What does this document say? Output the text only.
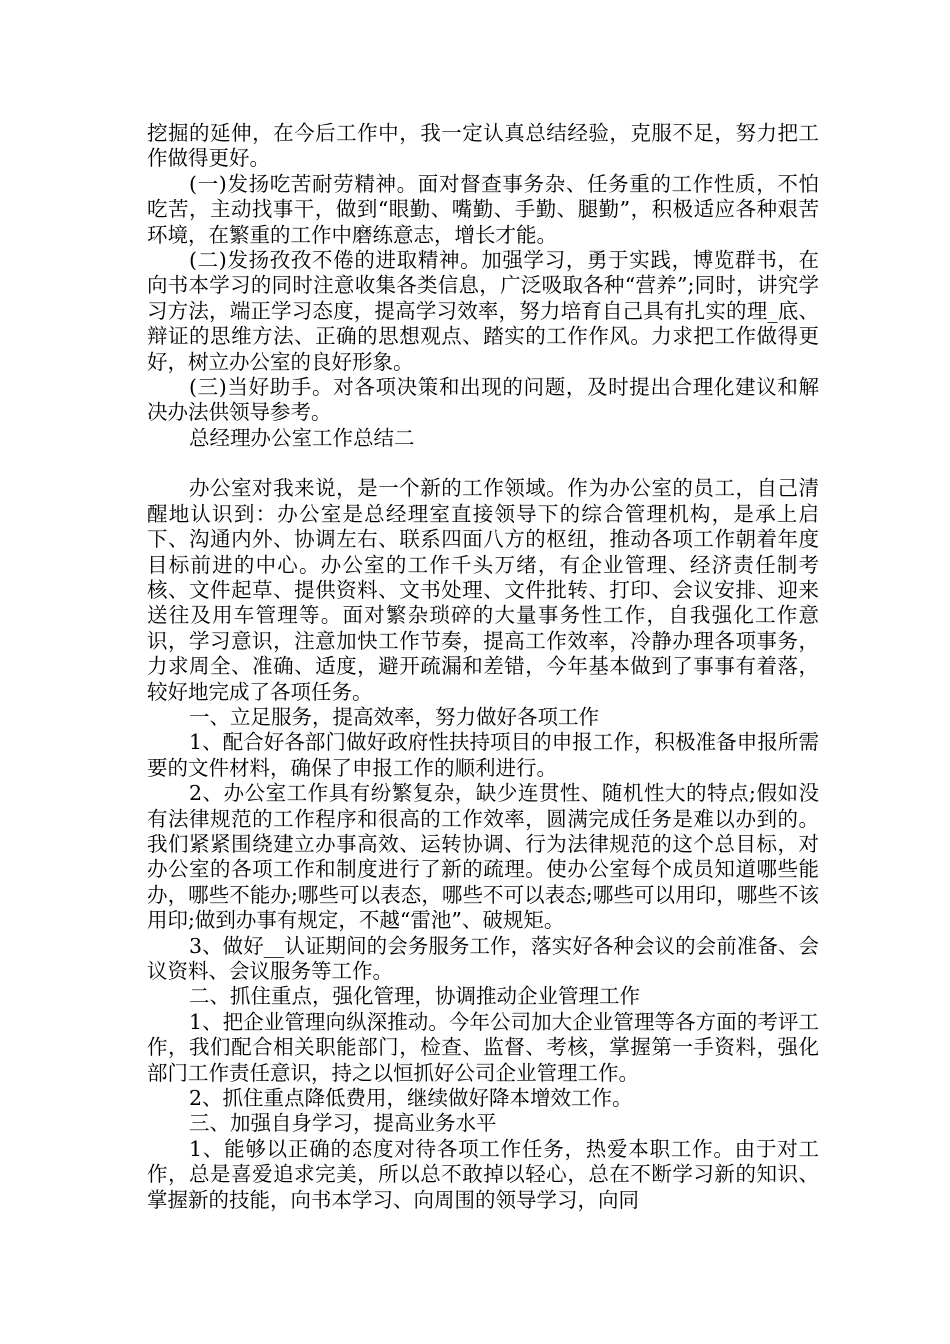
挖掘的延伸，在今后工作中，我一定认真总结经验，克服不足，努力把工作做得更好。

(一)发扬吃苦耐劳精神。面对督查事务杂、任务重的工作性质，不怕吃苦，主动找事干，做到“眼勤、嘴勤、手勤、腿勤”，积极适应各种艰苦环境，在繁重的工作中磨练意志，增长才能。

(二)发扬孜孜不倦的进取精神。加强学习，勇于实践，博览群书，在向书本学习的同时注意收集各类信息，广泛吸取各种“营养”;同时，讲究学习方法，端正学习态度，提高学习效率，努力培育自己具有扎实的理_底、辩证的思维方法、正确的思想观点、踏实的工作作风。力求把工作做得更好，树立办公室的良好形象。

(三)当好助手。对各项决策和出现的问题，及时提出合理化建议和解决办法供领导参考。

总经理办公室工作总结二

办公室对我来说，是一个新的工作领域。作为办公室的员工，自己清醒地认识到：办公室是总经理室直接领导下的综合管理机构，是承上启下、沟通内外、协调左右、联系四面八方的枢纽，推动各项工作朝着年度目标前进的中心。办公室的工作千头万绪，有企业管理、经济责任制考核、文件起草、提供资料、文书处理、文件批转、打印、会议安排、迎来送往及用车管理等。面对繁杂琐碎的大量事务性工作，自我强化工作意识，学习意识，注意加快工作节奏，提高工作效率，冷静办理各项事务，力求周全、准确、适度，避开疏漏和差错，今年基本做到了事事有着落，较好地完成了各项任务。

一、立足服务，提高效率，努力做好各项工作

1、配合好各部门做好政府性扶持项目的申报工作，积极准备申报所需要的文件材料，确保了申报工作的顺利进行。

2、办公室工作具有纷繁复杂，缺少连贯性、随机性大的特点;假如没有法律规范的工作程序和很高的工作效率，圆满完成任务是难以办到的。我们紧紧围绕建立办事高效、运转协调、行为法律规范的这个总目标，对办公室的各项工作和制度进行了新的疏理。使办公室每个成员知道哪些能办，哪些不能办;哪些可以表态，哪些不可以表态;哪些可以用印，哪些不该用印;做到办事有规定，不越“雷池”、破规矩。

3、做好__认证期间的会务服务工作，落实好各种会议的会前准备、会议资料、会议服务等工作。

二、抓住重点，强化管理，协调推动企业管理工作

1、把企业管理向纵深推动。今年公司加大企业管理等各方面的考评工作，我们配合相关职能部门，检查、监督、考核，掌握第一手资料，强化部门工作责任意识，持之以恒抓好公司企业管理工作。

2、抓住重点降低费用，继续做好降本增效工作。

三、加强自身学习，提高业务水平

1、能够以正确的态度对待各项工作任务，热爱本职工作。由于对工作，总是喜爱追求完美，所以总不敢掉以轻心，总在不断学习新的知识、掌握新的技能，向书本学习、向周围的领导学习，向同
